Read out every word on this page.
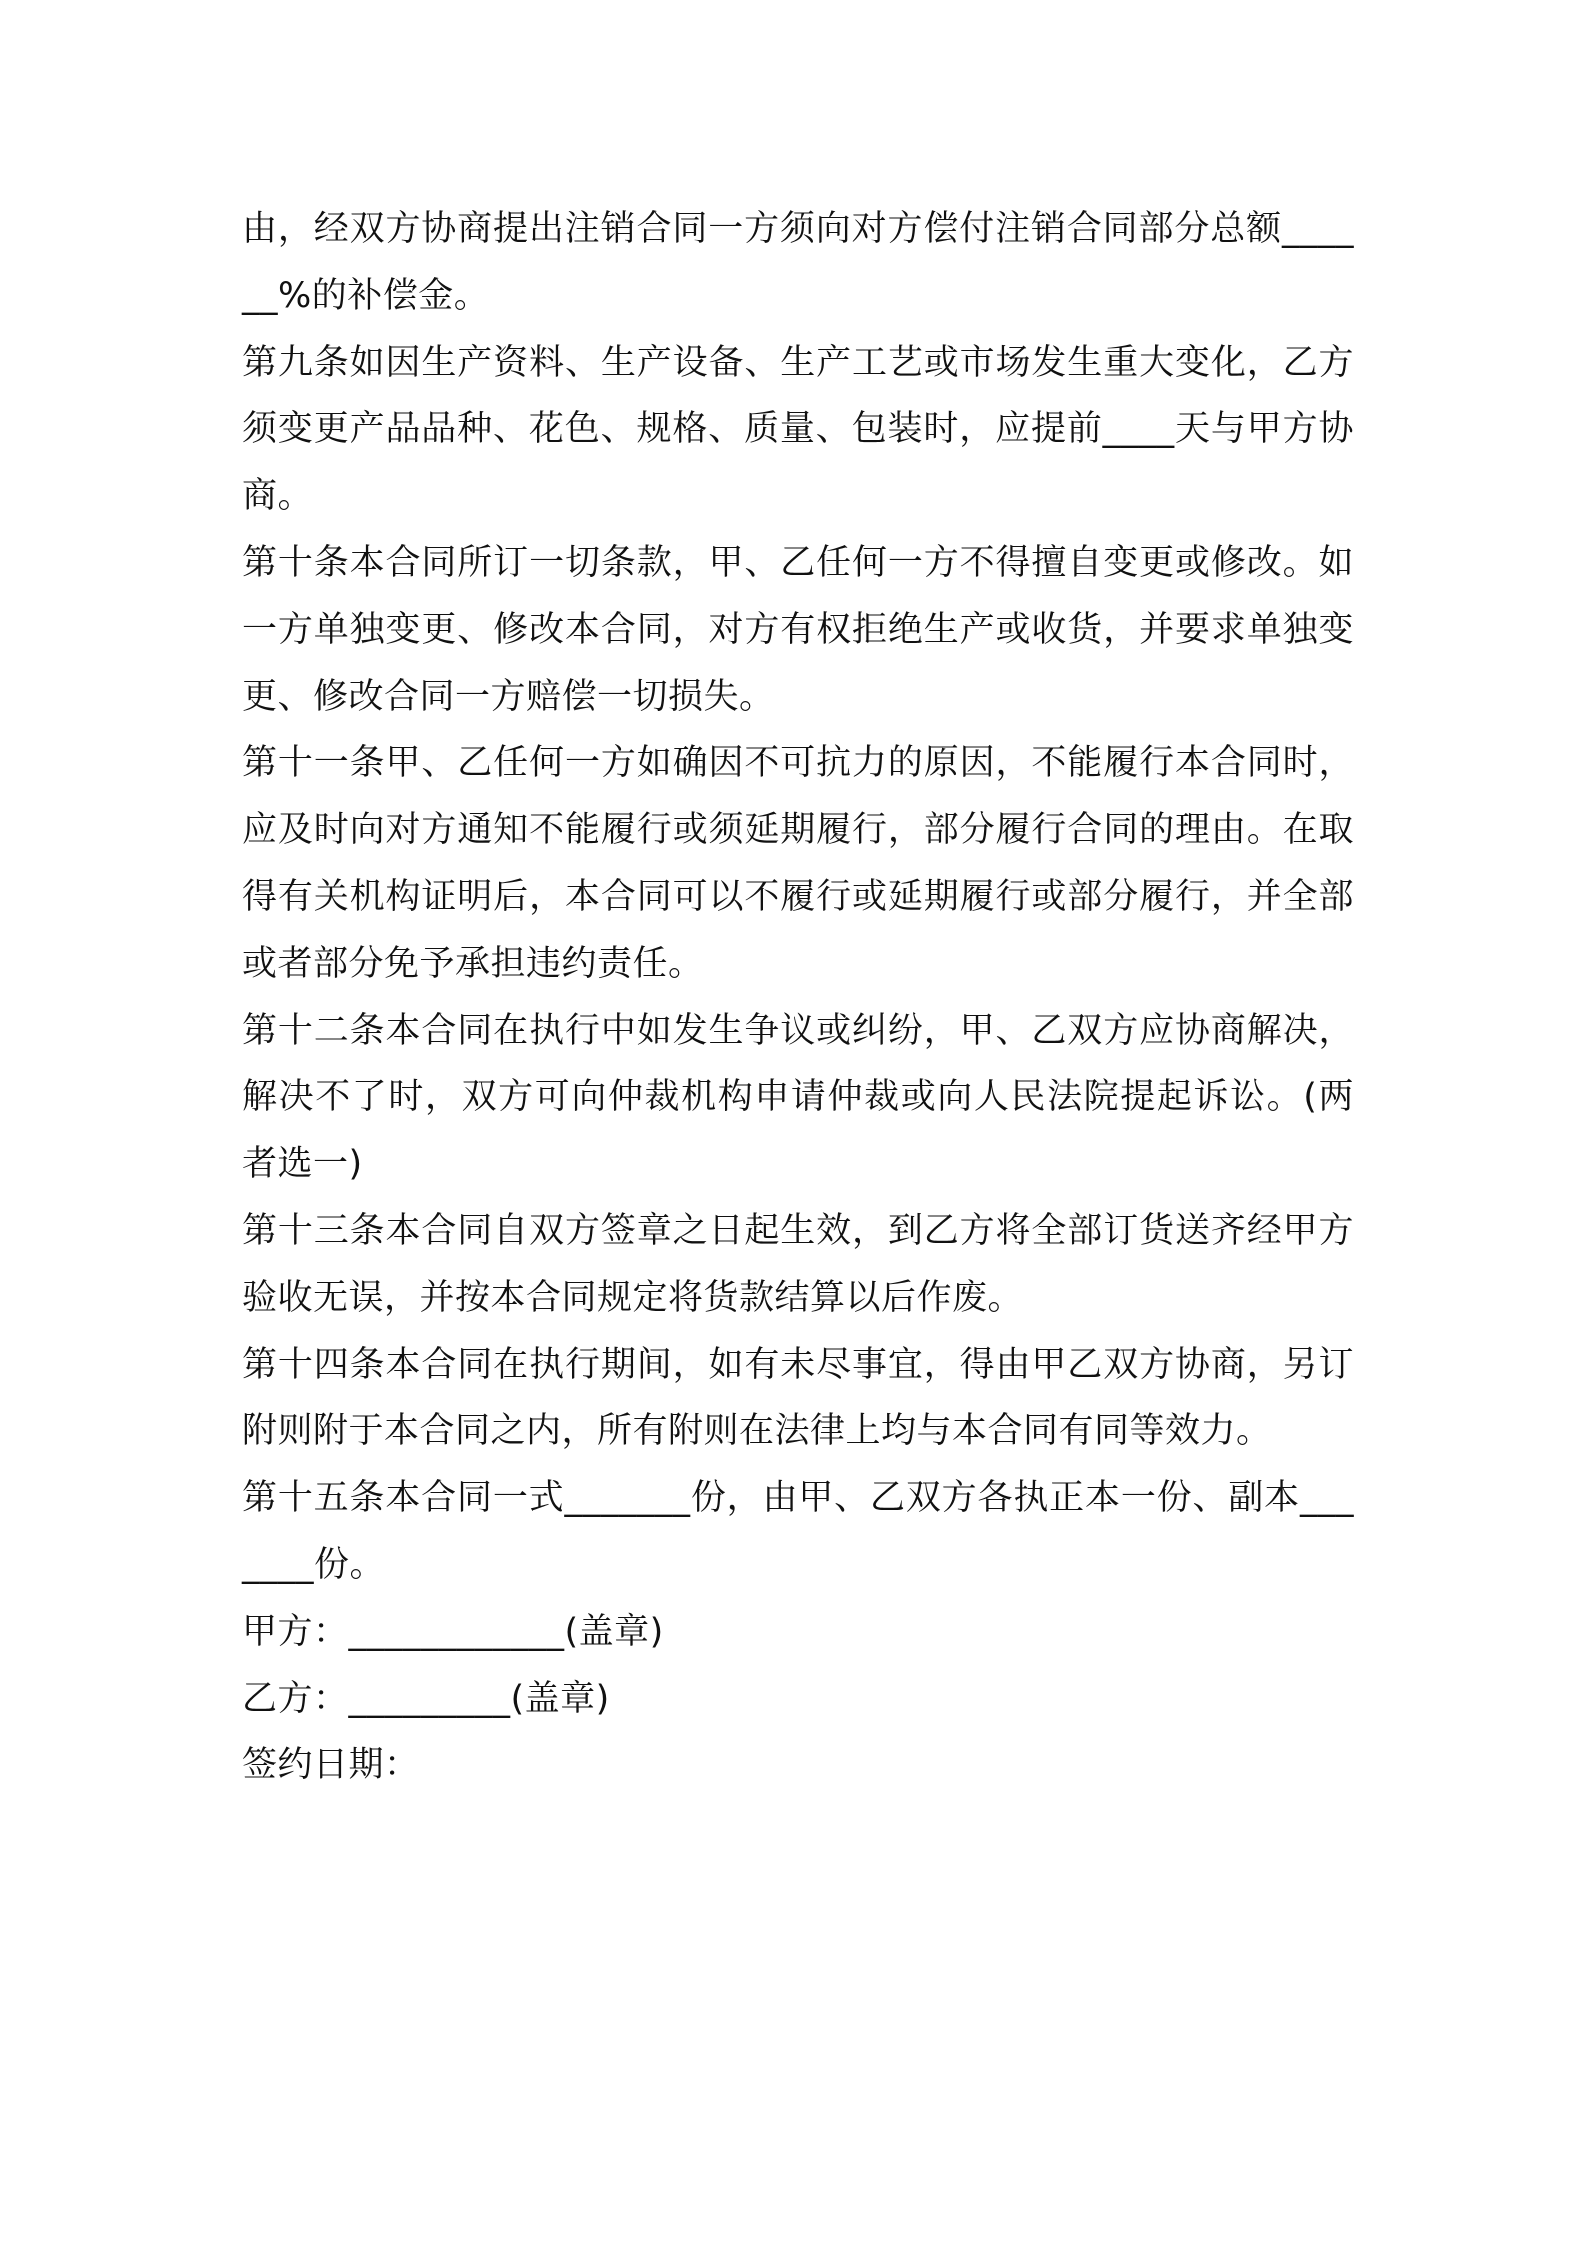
由，经双方协商提出注销合同一方须向对方偿付注销合同部分总额______%的补偿金。

第九条如因生产资料、生产设备、生产工艺或市场发生重大变化，乙方须变更产品品种、花色、规格、质量、包装时，应提前____天与甲方协商。

第十条本合同所订一切条款，甲、乙任何一方不得擅自变更或修改。如一方单独变更、修改本合同，对方有权拒绝生产或收货，并要求单独变更、修改合同一方赔偿一切损失。

第十一条甲、乙任何一方如确因不可抗力的原因，不能履行本合同时，应及时向对方通知不能履行或须延期履行，部分履行合同的理由。在取得有关机构证明后，本合同可以不履行或延期履行或部分履行，并全部或者部分免予承担违约责任。

第十二条本合同在执行中如发生争议或纠纷，甲、乙双方应协商解决，解决不了时，双方可向仲裁机构申请仲裁或向人民法院提起诉讼。(两者选一)

第十三条本合同自双方签章之日起生效，到乙方将全部订货送齐经甲方验收无误，并按本合同规定将货款结算以后作废。

第十四条本合同在执行期间，如有未尽事宜，得由甲乙双方协商，另订附则附于本合同之内，所有附则在法律上均与本合同有同等效力。

第十五条本合同一式_______份，由甲、乙双方各执正本一份、副本_______份。

甲方：____________(盖章)

乙方：_________(盖章)

签约日期：
